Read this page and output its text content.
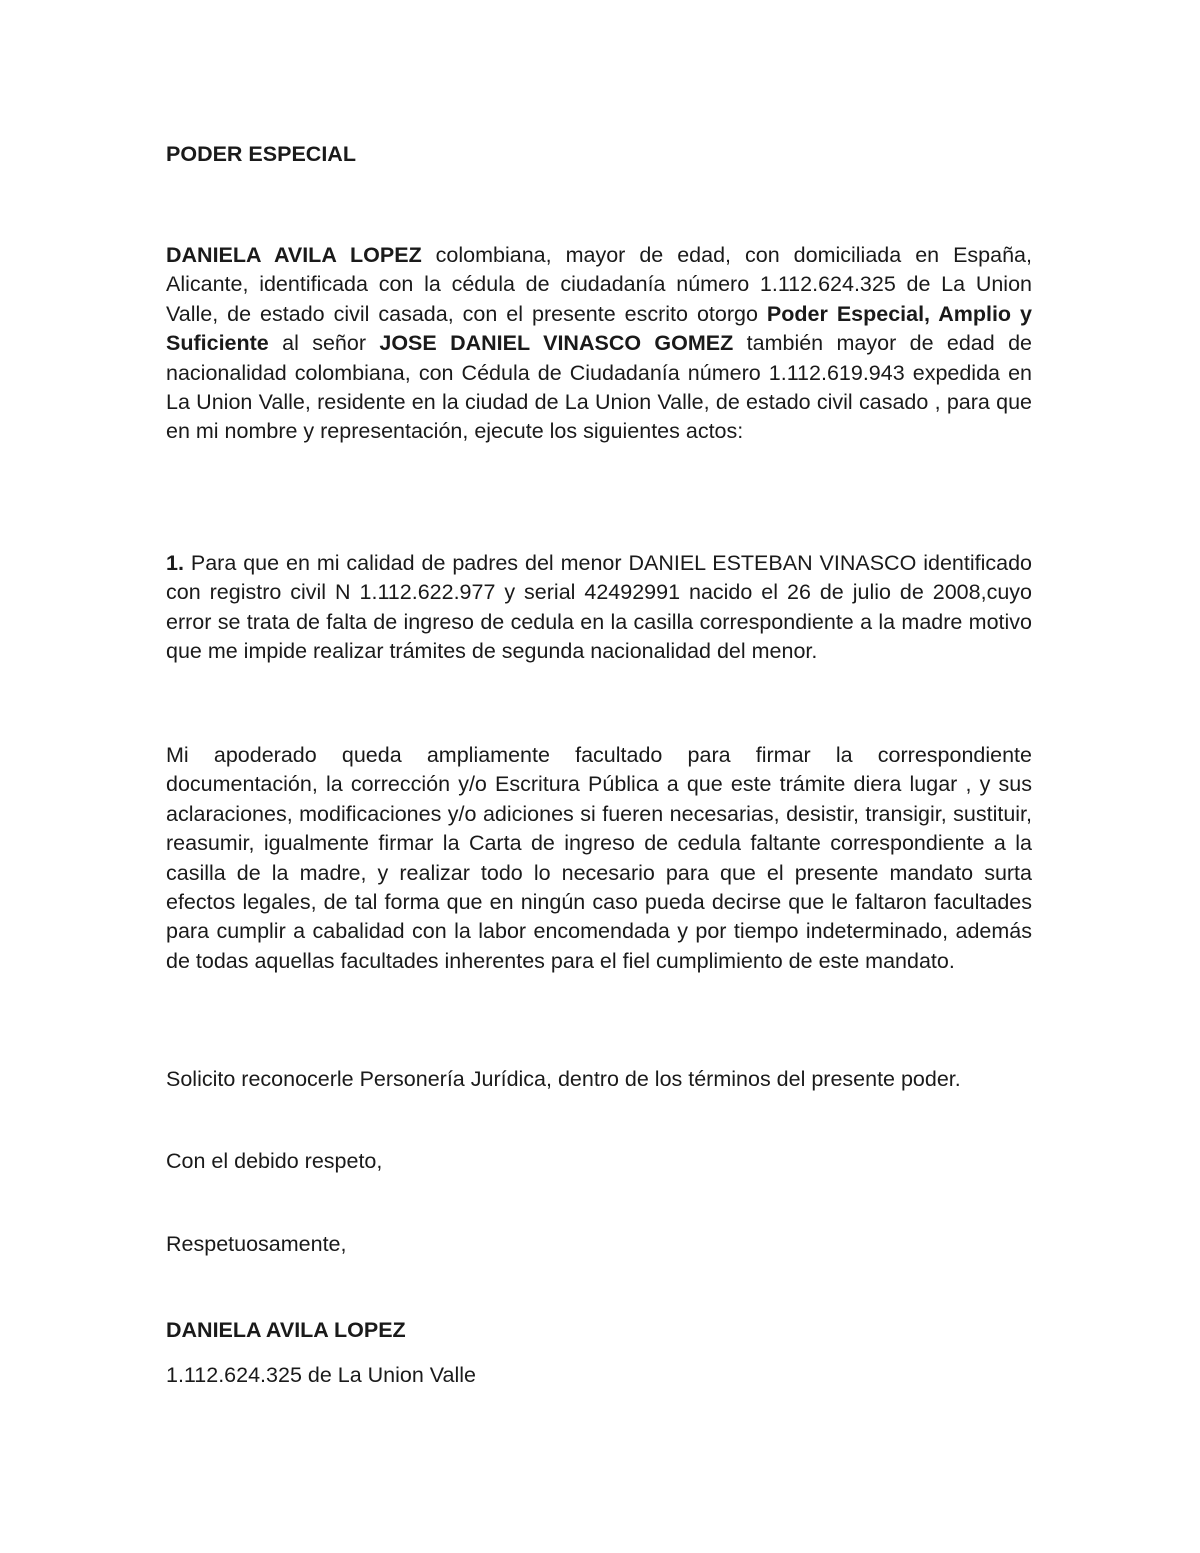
PODER ESPECIAL

DANIELA AVILA LOPEZ colombiana, mayor de edad, con domiciliada en España, Alicante, identificada con la cédula de ciudadanía número 1.112.624.325 de La Union Valle, de estado civil casada, con el presente escrito otorgo Poder Especial, Amplio y Suficiente al señor JOSE DANIEL VINASCO GOMEZ también mayor de edad de nacionalidad colombiana, con Cédula de Ciudadanía número 1.112.619.943 expedida en La Union Valle, residente en la ciudad de La Union Valle, de estado civil casado , para que en mi nombre y representación, ejecute los siguientes actos:

1. Para que en mi calidad de padres del menor DANIEL ESTEBAN VINASCO identificado con registro civil N 1.112.622.977 y serial 42492991 nacido el 26 de julio de 2008,cuyo error se trata de falta de ingreso de cedula en la casilla correspondiente a la madre motivo que me impide realizar trámites de segunda nacionalidad del menor.

Mi apoderado queda ampliamente facultado para firmar la correspondiente documentación, la corrección y/o Escritura Pública a que este trámite diera lugar , y sus aclaraciones, modificaciones y/o adiciones si fueren necesarias, desistir, transigir, sustituir, reasumir, igualmente firmar la Carta de ingreso de cedula faltante correspondiente a la casilla de la madre, y realizar todo lo necesario para que el presente mandato surta efectos legales, de tal forma que en ningún caso pueda decirse que le faltaron facultades para cumplir a cabalidad con la labor encomendada y por tiempo indeterminado, además de todas aquellas facultades inherentes para el fiel cumplimiento de este mandato.

Solicito reconocerle Personería Jurídica, dentro de los términos del presente poder.

Con el debido respeto,

Respetuosamente,

DANIELA AVILA LOPEZ

1.112.624.325 de La Union Valle
